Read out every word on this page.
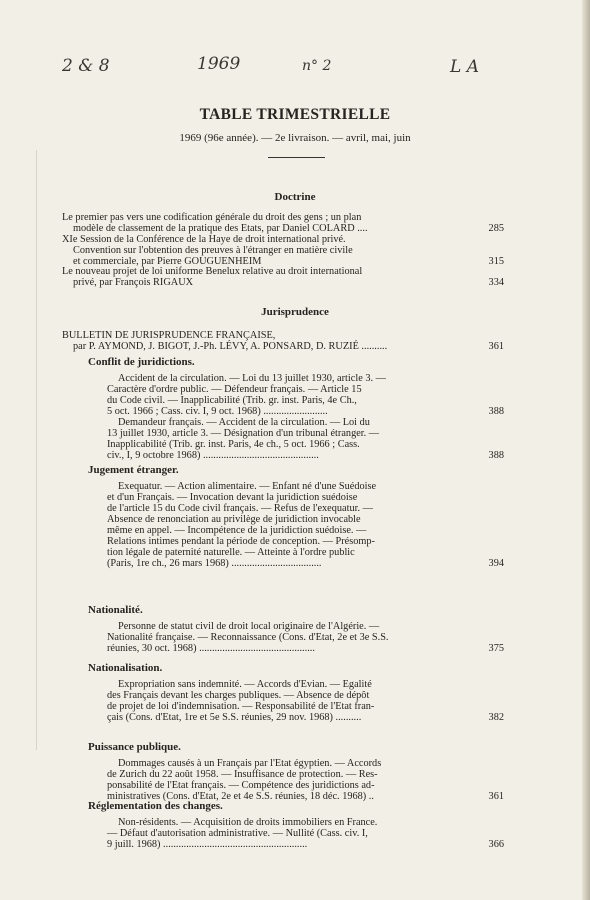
2 & 8	1969	n° 2	L A
TABLE TRIMESTRIELLE
1969 (96e année). — 2e livraison. — avril, mai, juin
Doctrine
Jurisprudence
Le premier pas vers une codification générale du droit des gens ; un plan
modèle de classement de la pratique des Etats, par Daniel COLARD ....	285
XIe Session de la Conférence de la Haye de droit international privé.
Convention sur l'obtention des preuves à l'étranger en matière civile
et commerciale, par Pierre GOUGUENHEIM	315
Le nouveau projet de loi uniforme Benelux relative au droit international
privé, par François RIGAUX	334
BULLETIN DE JURISPRUDENCE FRANÇAISE,
par P. AYMOND, J. BIGOT, J.-Ph. LÉVY, A. PONSARD, D. RUZIÉ ..........	361
Conflit de juridictions.
Accident de la circulation. — Loi du 13 juillet 1930, article 3. —
Caractère d'ordre public. — Défendeur français. — Article 15
du Code civil. — Inapplicabilité (Trib. gr. inst. Paris, 4e Ch.,
5 oct. 1966 ; Cass. civ. I, 9 oct. 1968) .........................	388
Demandeur français. — Accident de la circulation. — Loi du
13 juillet 1930, article 3. — Désignation d'un tribunal étranger. —
Inapplicabilité (Trib. gr. inst. Paris, 4e ch., 5 oct. 1966 ; Cass.
civ., I, 9 octobre 1968) .............................................	388
Jugement étranger.
Exequatur. — Action alimentaire. — Enfant né d'une Suédoise
et d'un Français. — Invocation devant la juridiction suédoise
de l'article 15 du Code civil français. — Refus de l'exequatur. —
Absence de renonciation au privilège de juridiction invocable
même en appel. — Incompétence de la juridiction suédoise. —
Relations intimes pendant la période de conception. — Présomp-
tion légale de paternité naturelle. — Atteinte à l'ordre public
(Paris, 1re ch., 26 mars 1968) ...................................	394
Nationalité.
Personne de statut civil de droit local originaire de l'Algérie. —
Nationalité française. — Reconnaissance (Cons. d'Etat, 2e et 3e S.S.
réunies, 30 oct. 1968) .............................................	375
Nationalisation.
Expropriation sans indemnité. — Accords d'Evian. — Egalité
des Français devant les charges publiques. — Absence de dépôt
de projet de loi d'indemnisation. — Responsabilité de l'Etat fran-
çais (Cons. d'Etat, 1re et 5e S.S. réunies, 29 nov. 1968) ..........	382
Puissance publique.
Dommages causés à un Français par l'Etat égyptien. — Accords
de Zurich du 22 août 1958. — Insuffisance de protection. — Res-
ponsabilité de l'Etat français. — Compétence des juridictions ad-
ministratives (Cons. d'Etat, 2e et 4e S.S. réunies, 18 déc. 1968) ..	361
Réglementation des changes.
Non-résidents. — Acquisition de droits immobiliers en France.
— Défaut d'autorisation administrative. — Nullité (Cass. civ. I,
9 juill. 1968) ........................................................	366
